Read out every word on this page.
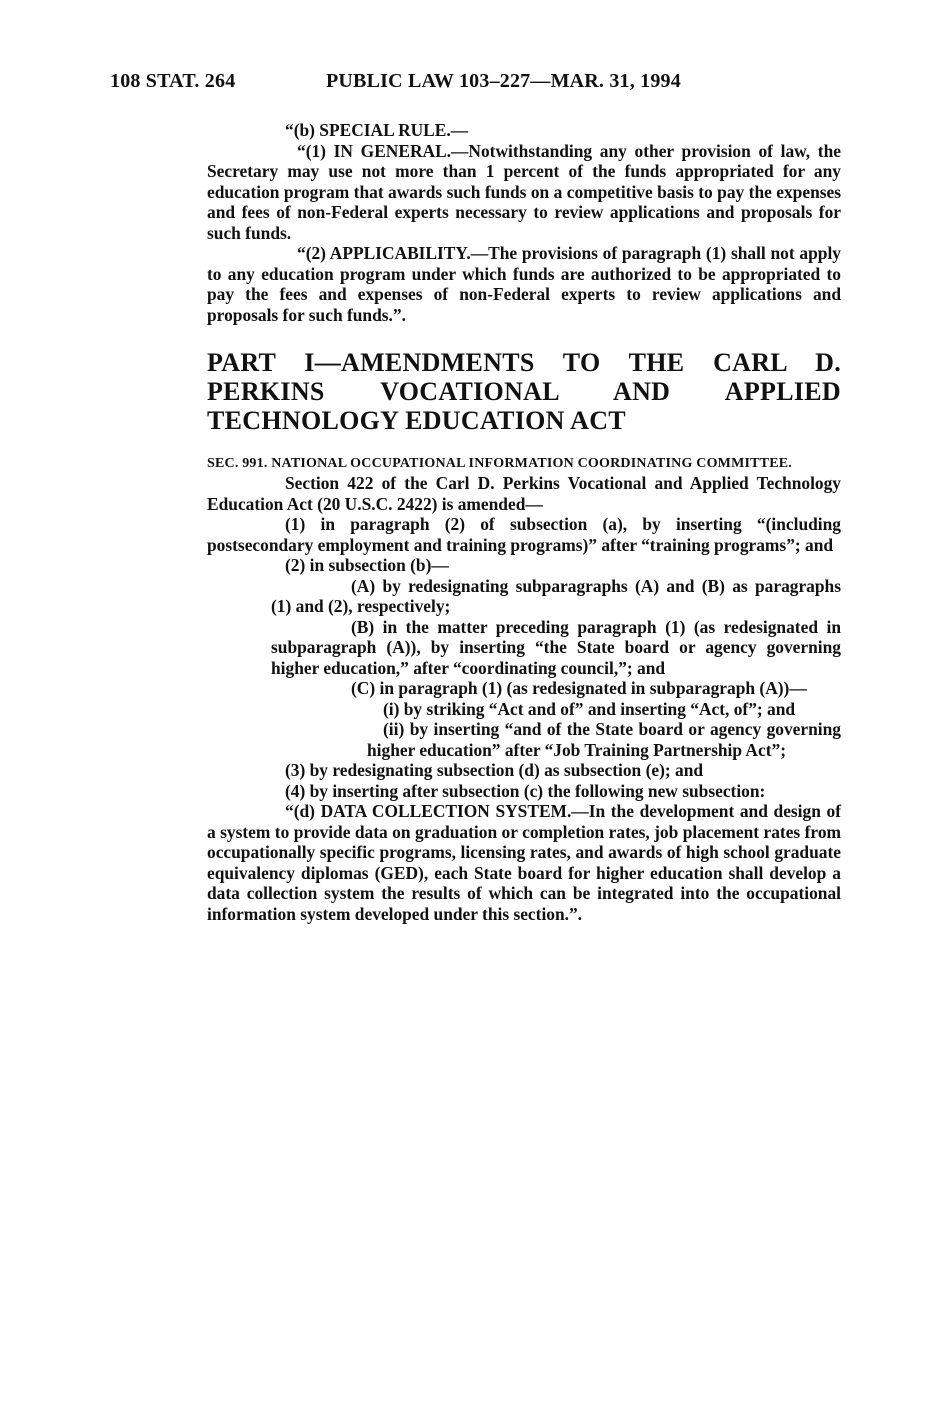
108 STAT. 264	PUBLIC LAW 103–227—MAR. 31, 1994

“(b) SPECIAL RULE.—

“(1) IN GENERAL.—Notwithstanding any other provision of law, the Secretary may use not more than 1 percent of the funds appropriated for any education program that awards such funds on a competitive basis to pay the expenses and fees of non-Federal experts necessary to review applications and proposals for such funds.

“(2) APPLICABILITY.—The provisions of paragraph (1) shall not apply to any education program under which funds are authorized to be appropriated to pay the fees and expenses of non-Federal experts to review applications and proposals for such funds.”.

PART I—AMENDMENTS TO THE CARL D. PERKINS VOCATIONAL AND APPLIED TECHNOLOGY EDUCATION ACT

SEC. 991. NATIONAL OCCUPATIONAL INFORMATION COORDINATING COMMITTEE.

Section 422 of the Carl D. Perkins Vocational and Applied Technology Education Act (20 U.S.C. 2422) is amended—

(1) in paragraph (2) of subsection (a), by inserting “(including postsecondary employment and training programs)” after “training programs”; and

(2) in subsection (b)—

(A) by redesignating subparagraphs (A) and (B) as paragraphs (1) and (2), respectively;

(B) in the matter preceding paragraph (1) (as redesignated in subparagraph (A)), by inserting “the State board or agency governing higher education,” after “coordinating council,”; and

(C) in paragraph (1) (as redesignated in subparagraph (A))—

(i) by striking “Act and of” and inserting “Act, of”; and

(ii) by inserting “and of the State board or agency governing higher education” after “Job Training Partnership Act”;

(3) by redesignating subsection (d) as subsection (e); and

(4) by inserting after subsection (c) the following new subsection:

“(d) DATA COLLECTION SYSTEM.—In the development and design of a system to provide data on graduation or completion rates, job placement rates from occupationally specific programs, licensing rates, and awards of high school graduate equivalency diplomas (GED), each State board for higher education shall develop a data collection system the results of which can be integrated into the occupational information system developed under this section.”.
